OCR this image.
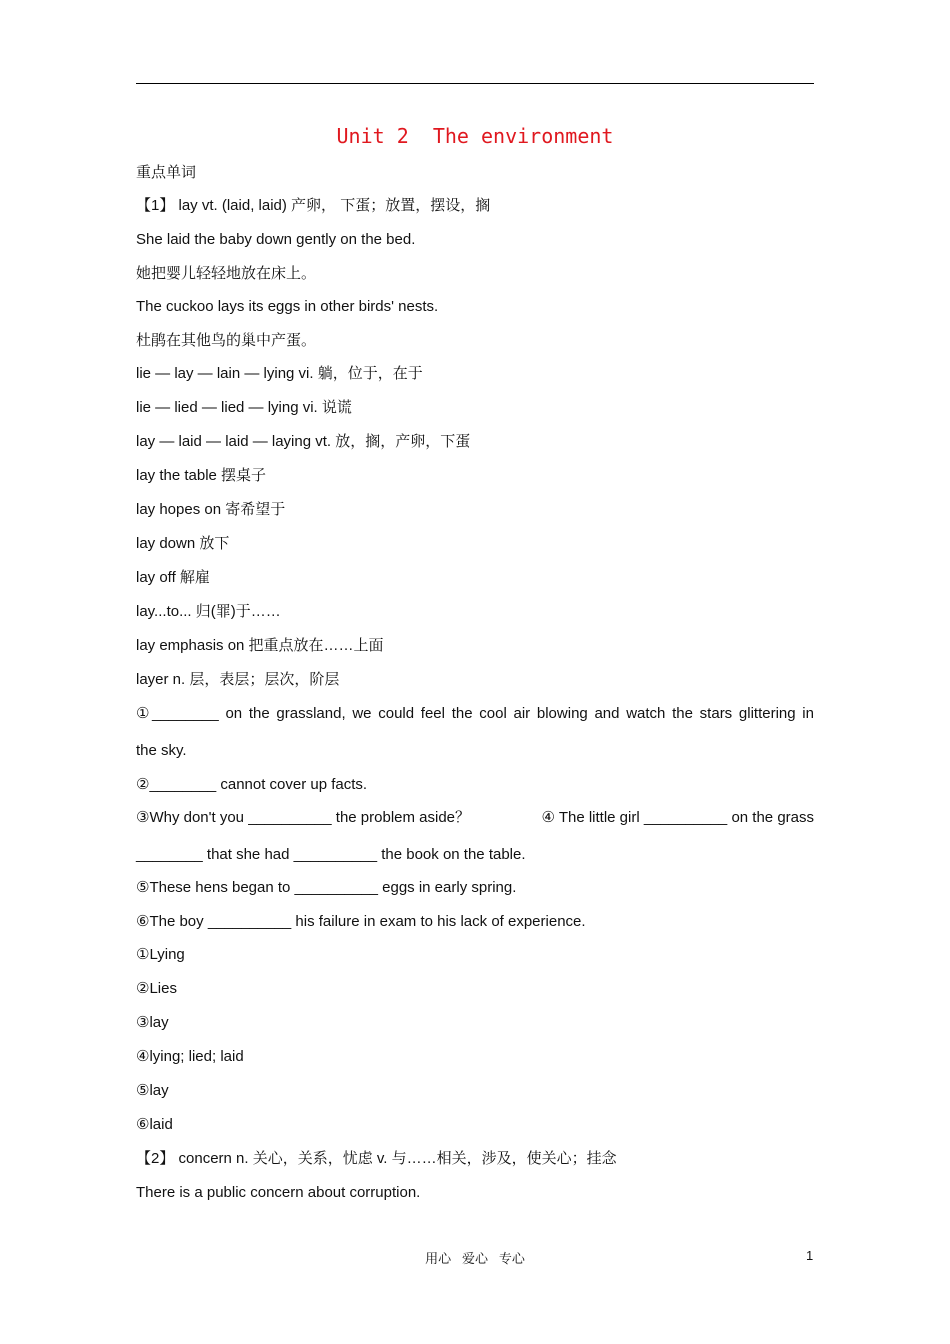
Unit 2  The environment
重点单词
【1】 lay vt. (laid, laid) 产卵， 下蛋；放置，摆设，搁
She laid the baby down gently on the bed.
她把婴儿轻轻地放在床上。
The cuckoo lays its eggs in other birds' nests.
杜鹃在其他鸟的巢中产蛋。
lie — lay — lain — lying vi. 躺，位于，在于
lie — lied — lied — lying vi. 说谎
lay — laid — laid — laying vt. 放，搁，产卵，下蛋
lay the table 摆桌子
lay hopes on 寄希望于
lay down 放下
lay off 解雇
lay...to... 归(罪)于……
lay emphasis on 把重点放在……上面
layer n. 层，表层；层次，阶层
①________ on the grassland, we could feel the cool air blowing and watch the stars glittering in
the sky.
②________ cannot cover up facts.
③Why don't you __________ the problem aside？	④ The little girl __________ on the grass
________ that she had __________ the book on the table.
⑤These hens began to __________ eggs in early spring.
⑥The boy __________ his failure in exam to his lack of experience.
①Lying
②Lies
③lay
④lying; lied; laid
⑤lay
⑥laid
【2】 concern n. 关心，关系，忧虑 v. 与……相关，涉及，使关心；挂念
There is a public concern about corruption.
用心   爱心   专心	1
